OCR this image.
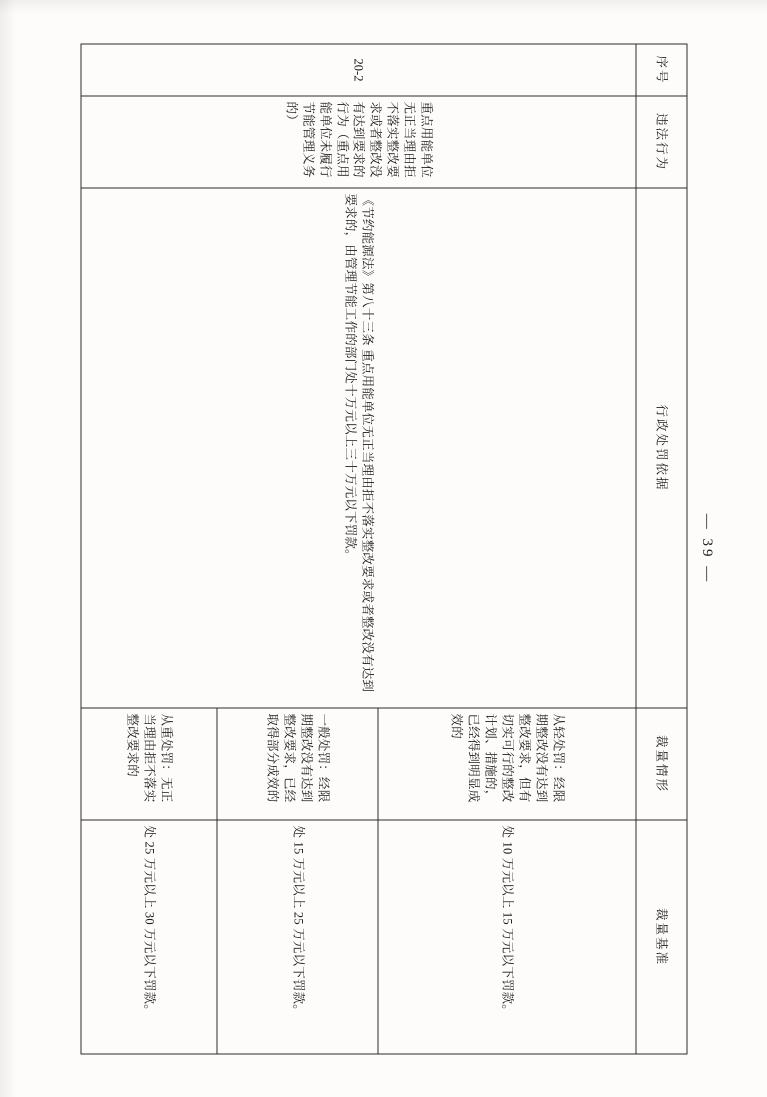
序号	违法行为	行政处罚依据	裁量情形	裁量基准
20-2	重点用能单位无正当理由拒不落实整改要求或者整改没有达到要求的行为（重点用能单位未履行节能管理义务的）	《节约能源法》第八十三条 重点用能单位无正当理由拒不落实整改要求或者整改没有达到要求的，由管理节能工作的部门处十万元以上三十万元以下罚款。	从轻处罚：经限期整改没有达到整改要求，但有切实可行的整改计划、措施的，已经得到明显成效的	处 10 万元以上 15 万元以下罚款。
			一般处罚：经限期整改没有达到整改要求，已经取得部分成效的	处 15 万元以上 25 万元以下罚款。
			从重处罚：无正当理由拒不落实整改要求的	处 25 万元以上 30 万元以下罚款。
— 39 —
